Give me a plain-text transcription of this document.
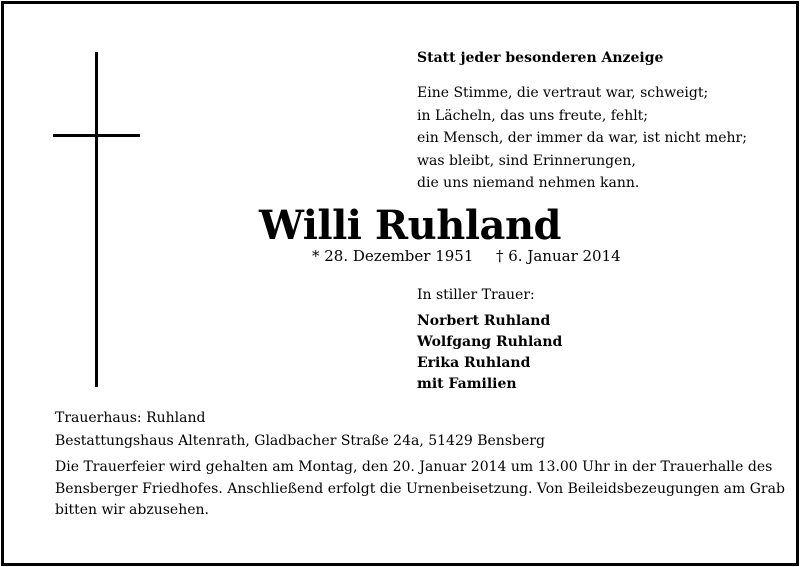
Statt jeder besonderen Anzeige
Eine Stimme, die vertraut war, schweigt;
in Lächeln, das uns freute, fehlt;
ein Mensch, der immer da war, ist nicht mehr;
was bleibt, sind Erinnerungen,
die uns niemand nehmen kann.
Willi Ruhland
* 28. Dezember 1951 † 6. Januar 2014
In stiller Trauer:
Norbert Ruhland
Wolfgang Ruhland
Erika Ruhland
mit Familien
Trauerhaus: Ruhland
Bestattungshaus Altenrath, Gladbacher Straße 24a, 51429 Bensberg
Die Trauerfeier wird gehalten am Montag, den 20. Januar 2014 um 13.00 Uhr in der Trauerhalle des
Bensberger Friedhofes. Anschließend erfolgt die Urnenbeisetzung. Von Beileidsbezeugungen am Grab
bitten wir abzusehen.
